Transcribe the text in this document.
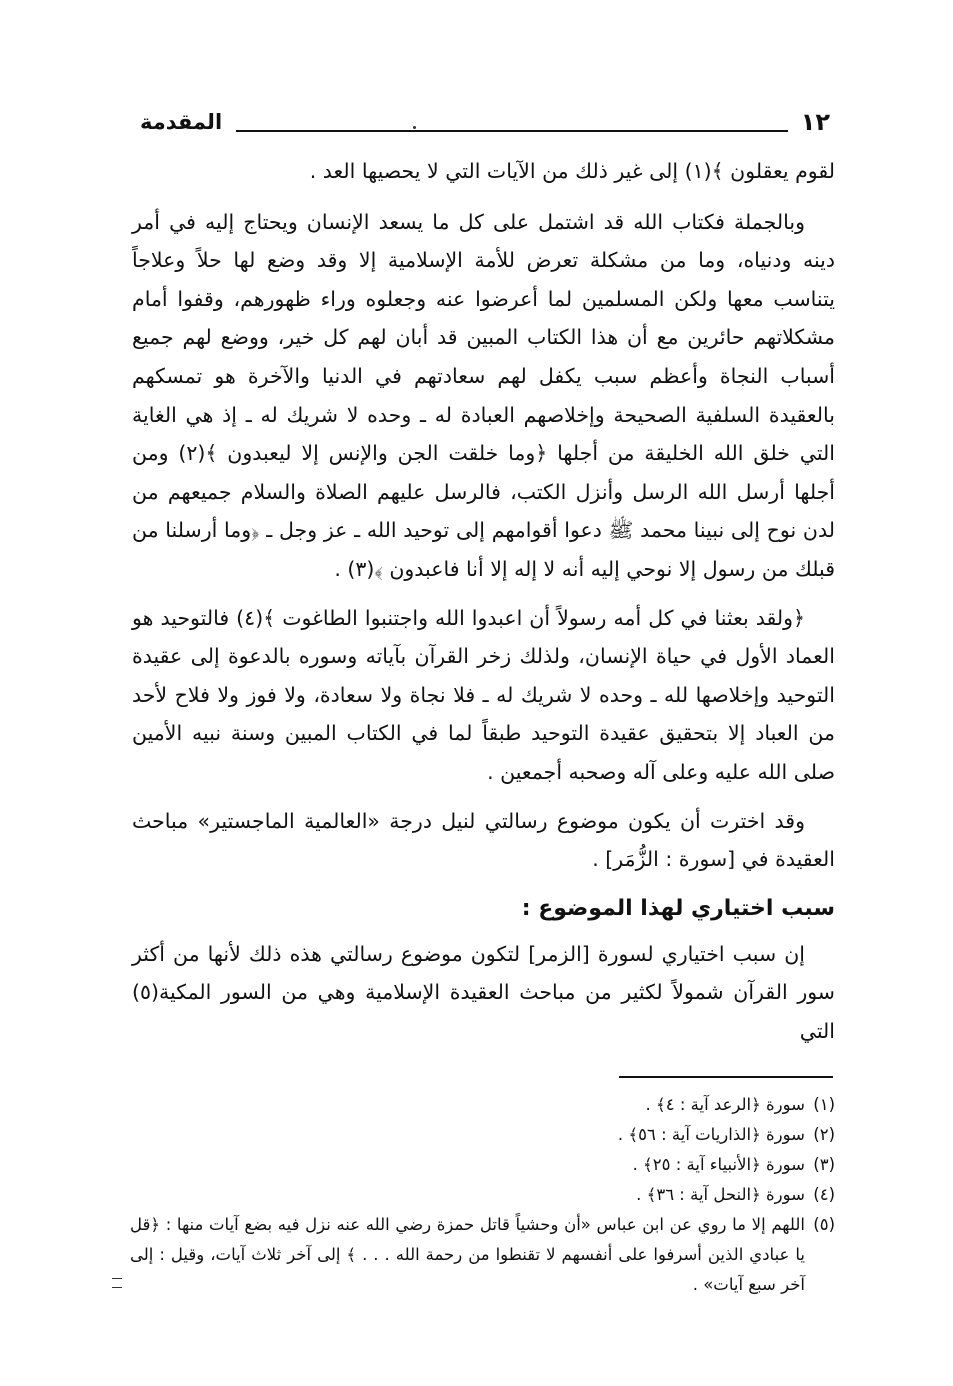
١٢
المقدمة

لقوم يعقلون ﴾(١) إلى غير ذلك من الآيات التي لا يحصيها العد .

وبالجملة فكتاب الله قد اشتمل على كل ما يسعد الإنسان ويحتاج إليه في أمر دينه ودنياه، وما من مشكلة تعرض للأمة الإسلامية إلا وقد وضع لها حلاً وعلاجاً يتناسب معها ولكن المسلمين لما أعرضوا عنه وجعلوه وراء ظهورهم، وقفوا أمام مشكلاتهم حائرين مع أن هذا الكتاب المبين قد أبان لهم كل خير، ووضع لهم جميع أسباب النجاة وأعظم سبب يكفل لهم سعادتهم في الدنيا والآخرة هو تمسكهم بالعقيدة السلفية الصحيحة وإخلاصهم العبادة له ـ وحده لا شريك له ـ إذ هي الغاية التي خلق الله الخليقة من أجلها ﴿وما خلقت الجن والإنس إلا ليعبدون ﴾(٢) ومن أجلها أرسل الله الرسل وأنزل الكتب، فالرسل عليهم الصلاة والسلام جميعهم من لدن نوح إلى نبينا محمد ﷺ دعوا أقوامهم إلى توحيد الله ـ عز وجل ـ ﴿وما أرسلنا من قبلك من رسول إلا نوحي إليه أنه لا إله إلا أنا فاعبدون ﴾(٣) .

﴿ولقد بعثنا في كل أمه رسولاً أن اعبدوا الله واجتنبوا الطاغوت ﴾(٤) فالتوحيد هو العماد الأول في حياة الإنسان، ولذلك زخر القرآن بآياته وسوره بالدعوة إلى عقيدة التوحيد وإخلاصها لله ـ وحده لا شريك له ـ فلا نجاة ولا سعادة، ولا فوز ولا فلاح لأحد من العباد إلا بتحقيق عقيدة التوحيد طبقاً لما في الكتاب المبين وسنة نبيه الأمين صلى الله عليه وعلى آله وصحبه أجمعين .

وقد اخترت أن يكون موضوع رسالتي لنيل درجة «العالمية الماجستير» مباحث العقيدة في [سورة : الزُّمَر] .

سبب اختياري لهذا الموضوع :

إن سبب اختياري لسورة [الزمر] لتكون موضوع رسالتي هذه ذلك لأنها من أكثر سور القرآن شمولاً لكثير من مباحث العقيدة الإسلامية وهي من السور المكية(٥) التي

(١)
سورة ﴿الرعد آية : ٤﴾ .

(٢)
سورة ﴿الذاريات آية : ٥٦﴾ .

(٣)
سورة ﴿الأنبياء آية : ٢٥﴾ .

(٤)
سورة ﴿النحل آية : ٣٦﴾ .

(٥)
اللهم إلا ما روي عن ابن عباس «أن وحشياً قاتل حمزة رضي الله عنه نزل فيه بضع آيات منها : ﴿قل يا عبادي الذين أسرفوا على أنفسهم لا تقنطوا من رحمة الله . . . ﴾ إلى آخر ثلاث آيات، وقيل : إلى آخر سبع آيات» .
